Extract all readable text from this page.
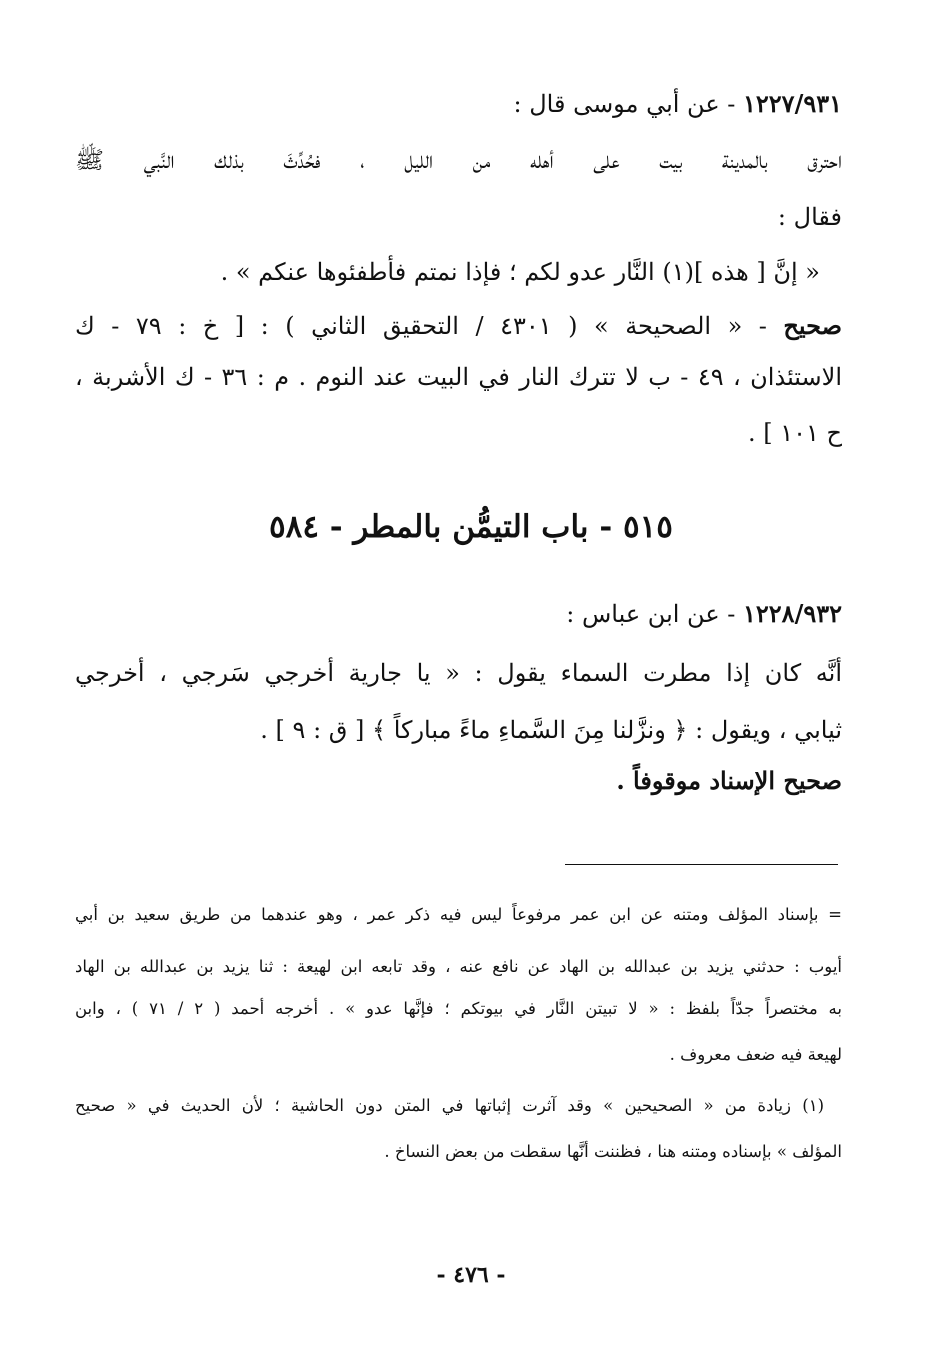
١٢٢٧/٩٣١ - عن أبي موسى قال :
احترق بالمدينة بيت على أهله من الليل ، فحُدِّثَ بذلك النَّبي ﷺ
فقال :
« إنَّ [ هذه ](١) النَّار عدو لكم ؛ فإذا نمتم فأطفئوها عنكم » .
صحيح - « الصحيحة » ( ٤٣٠١ / التحقيق الثاني ) : [ خ : ٧٩ - ك
الاستئذان ، ٤٩ - ب لا تترك النار في البيت عند النوم . م : ٣٦ - ك الأشربة ،
ح ١٠١ ] .
٥١٥ - باب التيمُّن بالمطر - ٥٨٤
١٢٢٨/٩٣٢ - عن ابن عباس :
أنَّه كان إذا مطرت السماء يقول : « يا جارية أخرجي سَرجي ، أخرجي
ثيابي ، ويقول : ﴿ ونزَّلنا مِنَ السَّماءِ ماءً مباركاً ﴾ [ ق : ٩ ] .
صحيح الإسناد موقوفاً .
= بإسناد المؤلف ومتنه عن ابن عمر مرفوعاً ليس فيه ذكر عمر ، وهو عندهما من طريق سعيد بن أبي
أيوب : حدثني يزيد بن عبدالله بن الهاد عن نافع عنه ، وقد تابعه ابن لهيعة : ثنا يزيد بن عبدالله بن الهاد
به مختصراً جدّاً بلفظ : « لا تبيتن النَّار في بيوتكم ؛ فإنَّها عدو » . أخرجه أحمد ( ٢ / ٧١ ) ، وابن
لهيعة فيه ضعف معروف .
(١) زيادة من « الصحيحين » وقد آثرت إثباتها في المتن دون الحاشية ؛ لأن الحديث في « صحيح
المؤلف » بإسناده ومتنه هنا ، فظننت أنَّها سقطت من بعض النساخ .
- ٤٧٦ -
